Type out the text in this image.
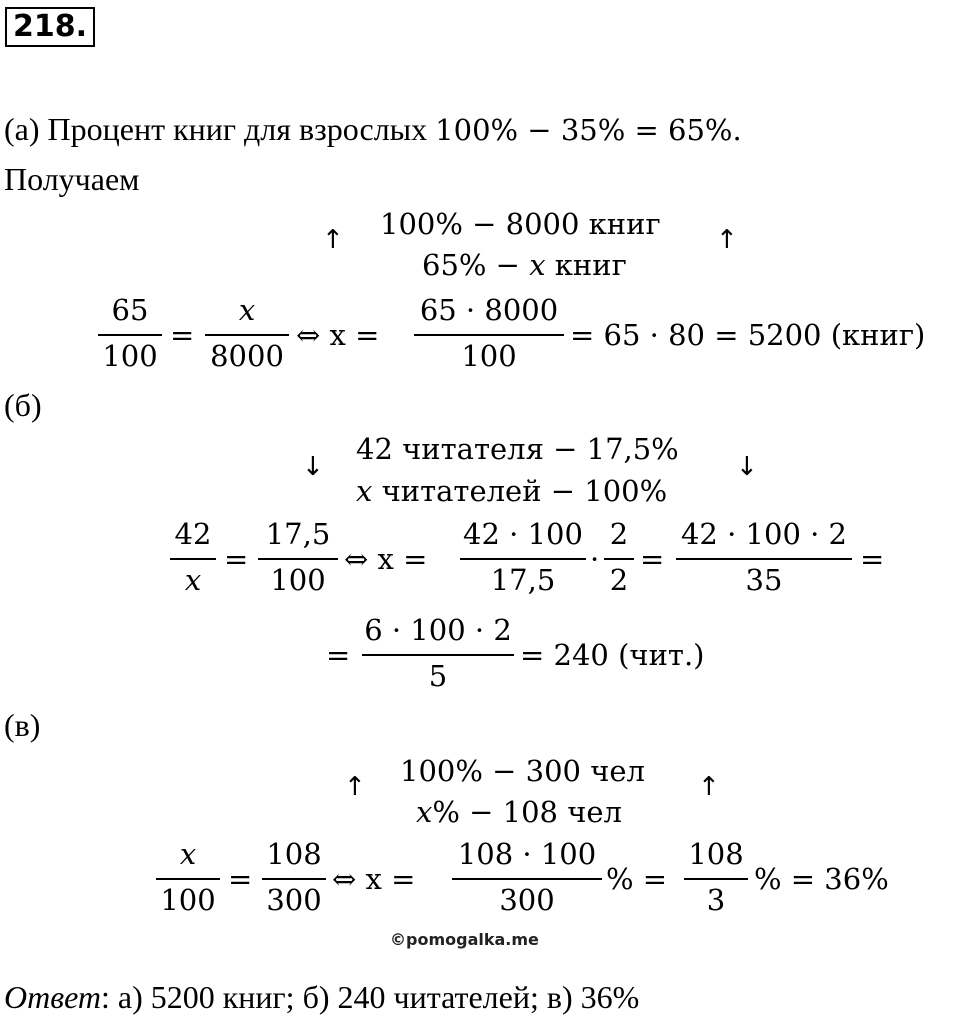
218.
(а) Процент книг для взрослых 100% − 35% = 65%.
Получаем
↑ 100% − 8000 книг
65% − x книг
↑
65
100
=
x
8000
⇔ x =
65 · 8000
100
= 65 · 80 = 5200 (книг)
(б)
↓
42 читателя − 17,5%
x читателей − 100%
↓
42
x
=
17,5
100
⇔ x =
42 · 100
17,5
·
2
2
=
42 · 100 · 2
35
=
=
6 · 100 · 2
5
= 240 (чит.)
(в)
↑ 100% − 300 чел
x% − 108 чел
↑
x
100
=
108
300
⇔ x =
108 · 100
300
% =
108
3
% = 36%
©pomogalka.me
Ответ: а) 5200 книг; б) 240 читателей; в) 36%
